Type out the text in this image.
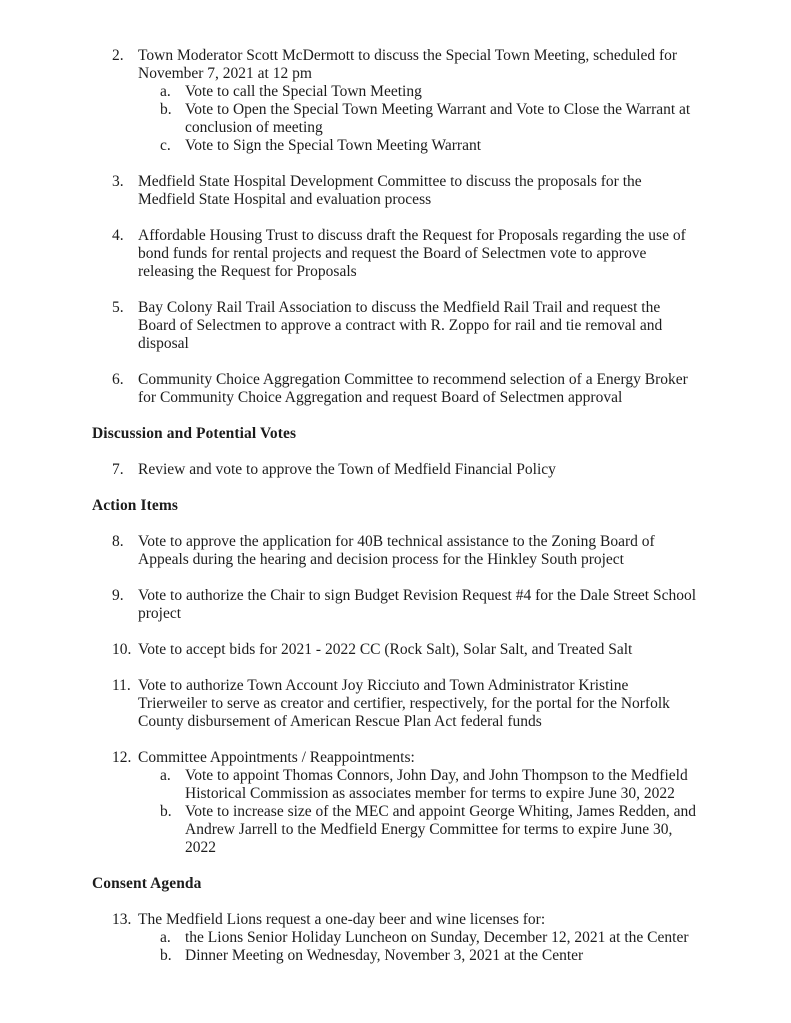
2. Town Moderator Scott McDermott to discuss the Special Town Meeting, scheduled for November 7, 2021 at 12 pm
a. Vote to call the Special Town Meeting
b. Vote to Open the Special Town Meeting Warrant and Vote to Close the Warrant at conclusion of meeting
c. Vote to Sign the Special Town Meeting Warrant
3. Medfield State Hospital Development Committee to discuss the proposals for the Medfield State Hospital and evaluation process
4. Affordable Housing Trust to discuss draft the Request for Proposals regarding the use of bond funds for rental projects and request the Board of Selectmen vote to approve releasing the Request for Proposals
5. Bay Colony Rail Trail Association to discuss the Medfield Rail Trail and request the Board of Selectmen to approve a contract with R. Zoppo for rail and tie removal and disposal
6. Community Choice Aggregation Committee to recommend selection of a Energy Broker for Community Choice Aggregation and request Board of Selectmen approval
Discussion and Potential Votes
7. Review and vote to approve the Town of Medfield Financial Policy
Action Items
8. Vote to approve the application for 40B technical assistance to the Zoning Board of Appeals during the hearing and decision process for the Hinkley South project
9. Vote to authorize the Chair to sign Budget Revision Request #4 for the Dale Street School project
10. Vote to accept bids for 2021 - 2022 CC (Rock Salt), Solar Salt, and Treated Salt
11. Vote to authorize Town Account Joy Ricciuto and Town Administrator Kristine Trierweiler to serve as creator and certifier, respectively, for the portal for the Norfolk County disbursement of American Rescue Plan Act federal funds
12. Committee Appointments / Reappointments:
a. Vote to appoint Thomas Connors, John Day, and John Thompson to the Medfield Historical Commission as associates member for terms to expire June 30, 2022
b. Vote to increase size of the MEC and appoint George Whiting, James Redden, and Andrew Jarrell to the Medfield Energy Committee for terms to expire June 30, 2022
Consent Agenda
13. The Medfield Lions request a one-day beer and wine licenses for:
a. the Lions Senior Holiday Luncheon on Sunday, December 12, 2021 at the Center
b. Dinner Meeting on Wednesday, November 3, 2021 at the Center
